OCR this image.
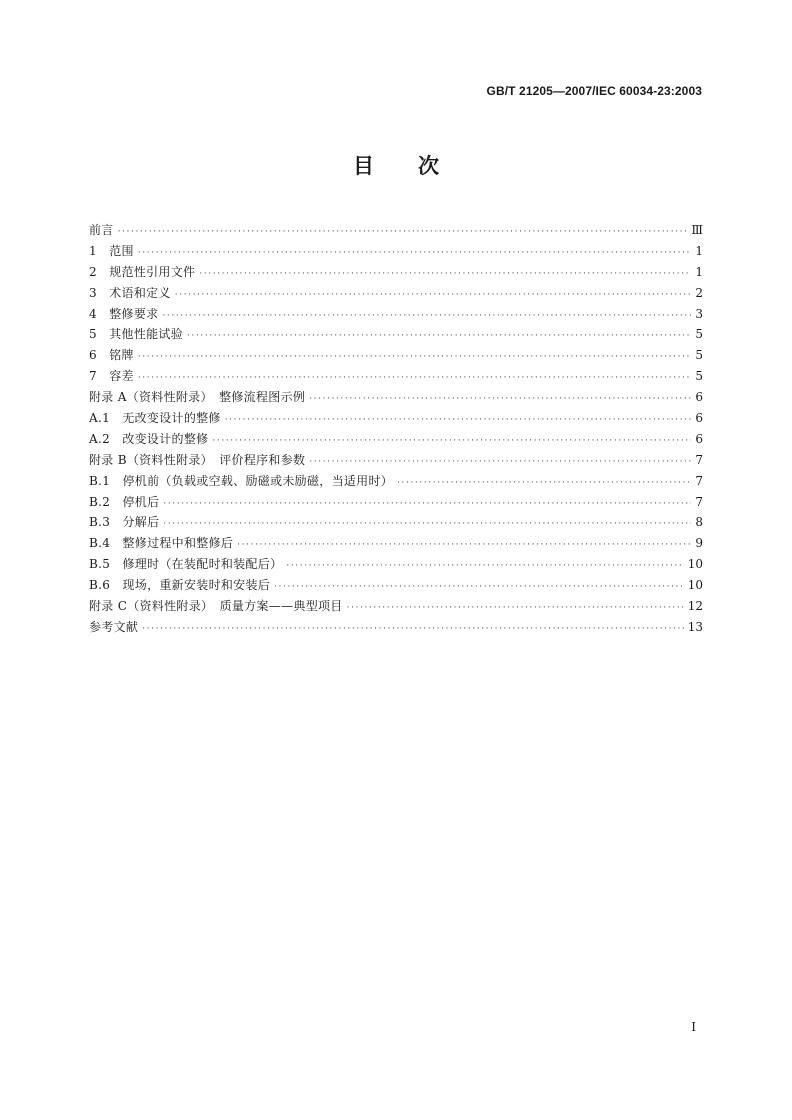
GB/T 21205—2007/IEC 60034-23:2003
目 次
前言 ·····	Ⅲ
1　范围 ·····	1
2　规范性引用文件 ·····	1
3　术语和定义 ·····	2
4　整修要求 ·····	3
5　其他性能试验 ·····	5
6　铭牌 ·····	5
7　容差 ·····	5
附录 A（资料性附录）　整修流程图示例 ·····	6
A.1　无改变设计的整修 ·····	6
A.2　改变设计的整修 ·····	6
附录 B（资料性附录）　评价程序和参数 ·····	7
B.1　停机前（负载或空载、励磁或未励磁，当适用时） ·····	7
B.2　停机后 ·····	7
B.3　分解后 ·····	8
B.4　整修过程中和整修后 ·····	9
B.5　修理时（在装配时和装配后） ·····	10
B.6　现场，重新安装时和安装后 ·····	10
附录 C（资料性附录）　质量方案——典型项目 ·····	12
参考文献 ·····	13
I
